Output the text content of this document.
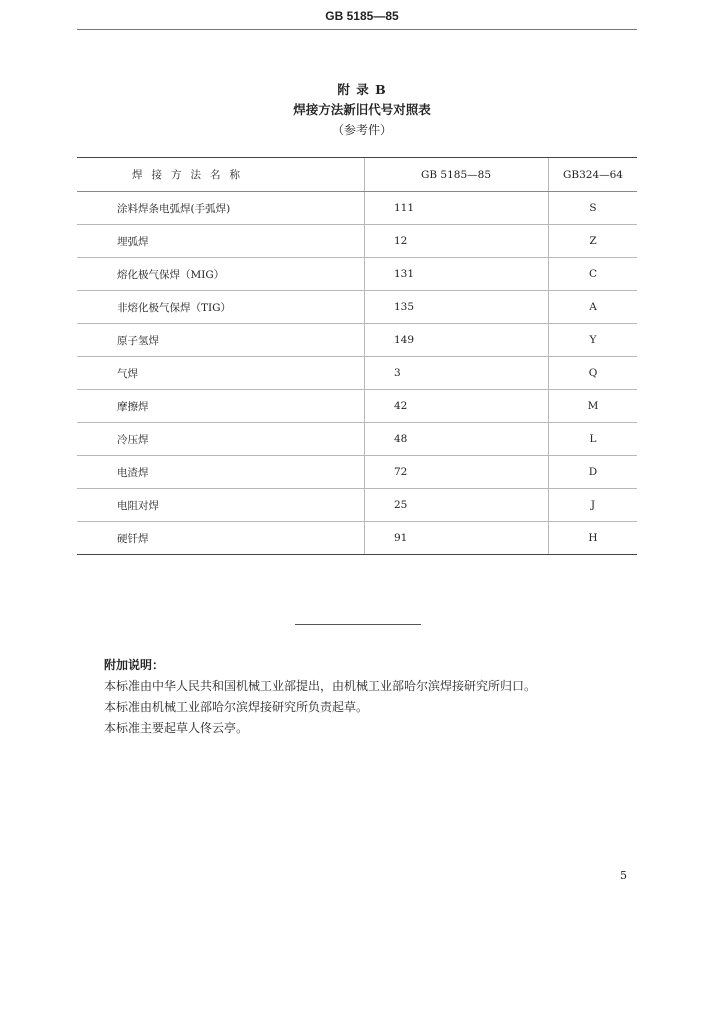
GB 5185—85
附 录 B
焊接方法新旧代号对照表
（参考件）
焊接方法名称	GB 5185—85	GB324—64
涂料焊条电弧焊(手弧焊)	111	S
埋弧焊	12	Z
熔化极气保焊（MIG）	131	C
非熔化极气保焊（TIG）	135	A
原子氢焊	149	Y
气焊	3	Q
摩擦焊	42	M
冷压焊	48	L
电渣焊	72	D
电阻对焊	25	J
硬钎焊	91	H
附加说明：
本标准由中华人民共和国机械工业部提出，由机械工业部哈尔滨焊接研究所归口。
本标准由机械工业部哈尔滨焊接研究所负责起草。
本标准主要起草人佟云亭。
5
